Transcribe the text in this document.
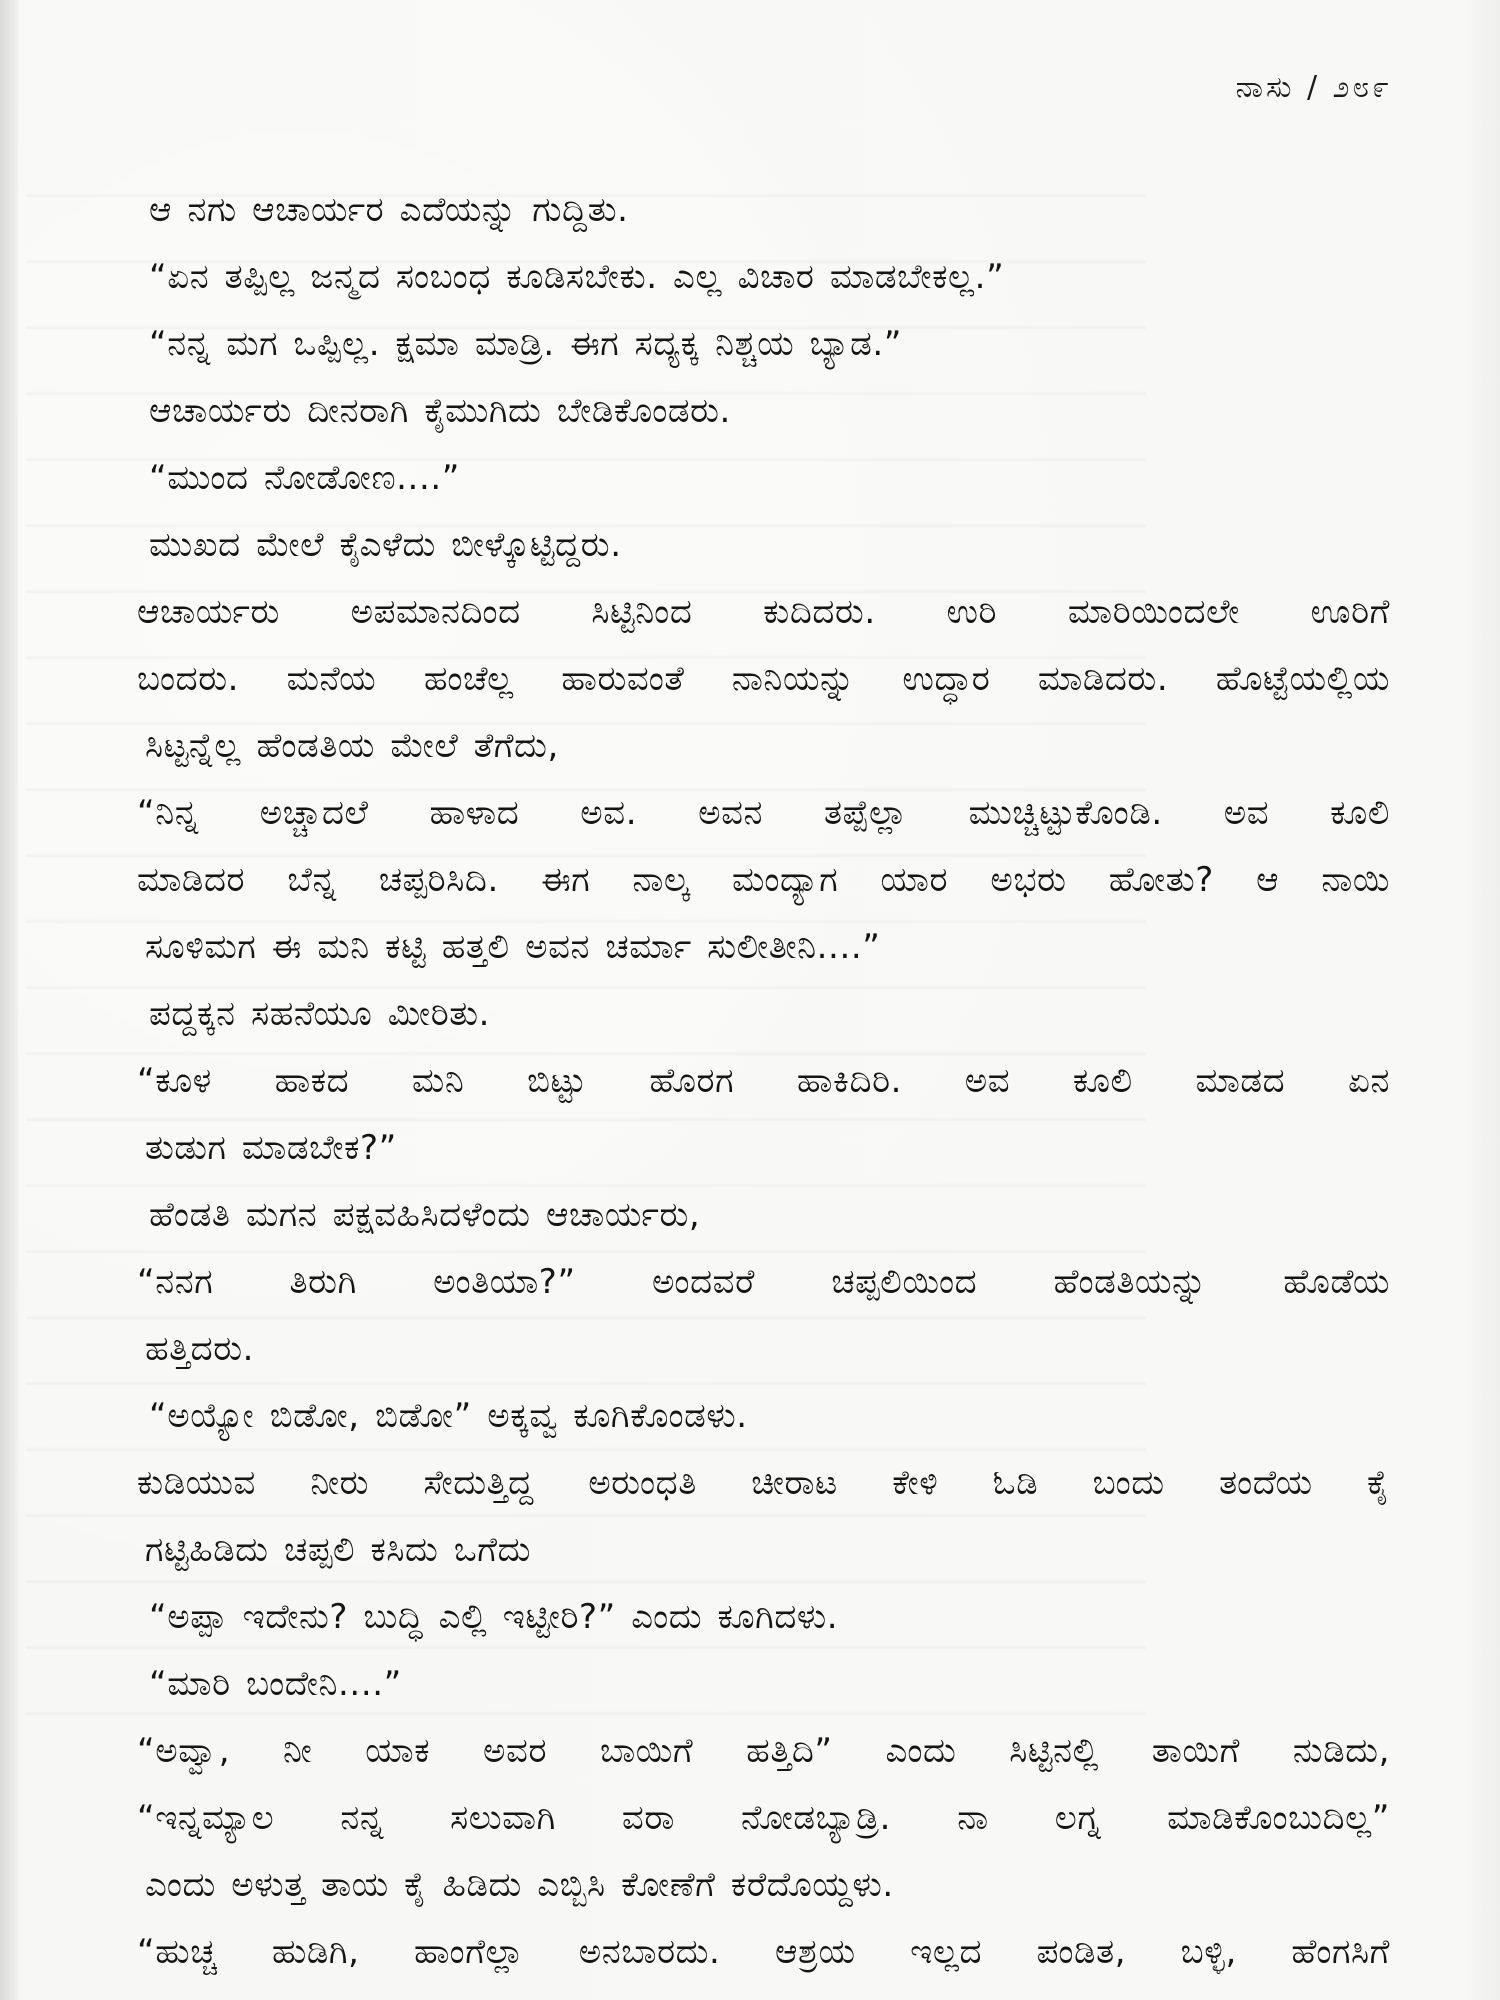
ನಾಸು / ೨೮೯
ಆ ನಗು ಆಚಾರ್ಯರ ಎದೆಯನ್ನು ಗುದ್ದಿತು.
“ಏನ ತಪ್ಪಿಲ್ಲ ಜನ್ಮದ ಸಂಬಂಧ ಕೂಡಿಸಬೇಕು. ಎಲ್ಲ ವಿಚಾರ ಮಾಡಬೇಕಲ್ಲ.”
“ನನ್ನ ಮಗ ಒಪ್ಪಿಲ್ಲ. ಕ್ಷಮಾ ಮಾಡ್ರಿ. ಈಗ ಸದ್ಯಕ್ಕ ನಿಶ್ಚಯ ಬ್ಯಾಡ.”
ಆಚಾರ್ಯರು ದೀನರಾಗಿ ಕೈಮುಗಿದು ಬೇಡಿಕೊಂಡರು.
“ಮುಂದ ನೋಡೋಣ....”
ಮುಖದ ಮೇಲೆ ಕೈಎಳೆದು ಬೀಳ್ಕೊಟ್ಟಿದ್ದರು.
ಆಚಾರ್ಯರು ಅಪಮಾನದಿಂದ ಸಿಟ್ಟಿನಿಂದ ಕುದಿದರು. ಉರಿ ಮಾರಿಯಿಂದಲೇ ಊರಿಗೆ
ಬಂದರು. ಮನೆಯ ಹಂಚೆಲ್ಲ ಹಾರುವಂತೆ ನಾನಿಯನ್ನು ಉದ್ಧಾರ ಮಾಡಿದರು. ಹೊಟ್ಟೆಯಲ್ಲಿಯ
ಸಿಟ್ಟನ್ನೆಲ್ಲ ಹೆಂಡತಿಯ ಮೇಲೆ ತೆಗೆದು,
“ನಿನ್ನ ಅಚ್ಚಾದಲೆ ಹಾಳಾದ ಅವ. ಅವನ ತಪ್ಪೆಲ್ಲಾ ಮುಚ್ಚಿಟ್ಟುಕೊಂಡಿ. ಅವ ಕೂಲಿ
ಮಾಡಿದರ ಬೆನ್ನ ಚಪ್ಪರಿಸಿದಿ. ಈಗ ನಾಲ್ಕ ಮಂದ್ಯಾಗ ಯಾರ ಅಭರು ಹೋತು? ಆ ನಾಯಿ
ಸೂಳಿಮಗ ಈ ಮನಿ ಕಟ್ಟಿ ಹತ್ತಲಿ ಅವನ ಚರ್ಮಾ ಸುಲೀತೀನಿ....”
ಪದ್ದಕ್ಕನ ಸಹನೆಯೂ ಮೀರಿತು.
“ಕೂಳ ಹಾಕದ ಮನಿ ಬಿಟ್ಟು ಹೊರಗ ಹಾಕಿದಿರಿ. ಅವ ಕೂಲಿ ಮಾಡದ ಏನ
ತುಡುಗ ಮಾಡಬೇಕ?”
ಹೆಂಡತಿ ಮಗನ ಪಕ್ಷವಹಿಸಿದಳೆಂದು ಆಚಾರ್ಯರು,
“ನನಗ ತಿರುಗಿ ಅಂತಿಯಾ?” ಅಂದವರೆ ಚಪ್ಪಲಿಯಿಂದ ಹೆಂಡತಿಯನ್ನು ಹೊಡೆಯ
ಹತ್ತಿದರು.
“ಅಯ್ಯೋ ಬಿಡೋ, ಬಿಡೋ” ಅಕ್ಕವ್ವ ಕೂಗಿಕೊಂಡಳು.
ಕುಡಿಯುವ ನೀರು ಸೇದುತ್ತಿದ್ದ ಅರುಂಧತಿ ಚೀರಾಟ ಕೇಳಿ ಓಡಿ ಬಂದು ತಂದೆಯ ಕೈ
ಗಟ್ಟಿಹಿಡಿದು ಚಪ್ಪಲಿ ಕಸಿದು ಒಗೆದು
“ಅಪ್ಪಾ ಇದೇನು? ಬುದ್ಧಿ ಎಲ್ಲಿ ಇಟ್ಟೀರಿ?” ಎಂದು ಕೂಗಿದಳು.
“ಮಾರಿ ಬಂದೇನಿ....”
“ಅವ್ವಾ, ನೀ ಯಾಕ ಅವರ ಬಾಯಿಗೆ ಹತ್ತಿದಿ” ಎಂದು ಸಿಟ್ಟಿನಲ್ಲಿ ತಾಯಿಗೆ ನುಡಿದು,
“ಇನ್ನಮ್ಯಾಲ ನನ್ನ ಸಲುವಾಗಿ ವರಾ ನೋಡಬ್ಯಾಡ್ರಿ. ನಾ ಲಗ್ನ ಮಾಡಿಕೊಂಬುದಿಲ್ಲ”
ಎಂದು ಅಳುತ್ತ ತಾಯ ಕೈ ಹಿಡಿದು ಎಬ್ಬಿಸಿ ಕೋಣೆಗೆ ಕರೆದೊಯ್ದಳು.
“ಹುಚ್ಚ ಹುಡಿಗಿ, ಹಾಂಗೆಲ್ಲಾ ಅನಬಾರದು. ಆಶ್ರಯ ಇಲ್ಲದ ಪಂಡಿತ, ಬಳ್ಳಿ, ಹೆಂಗಸಿಗೆ
